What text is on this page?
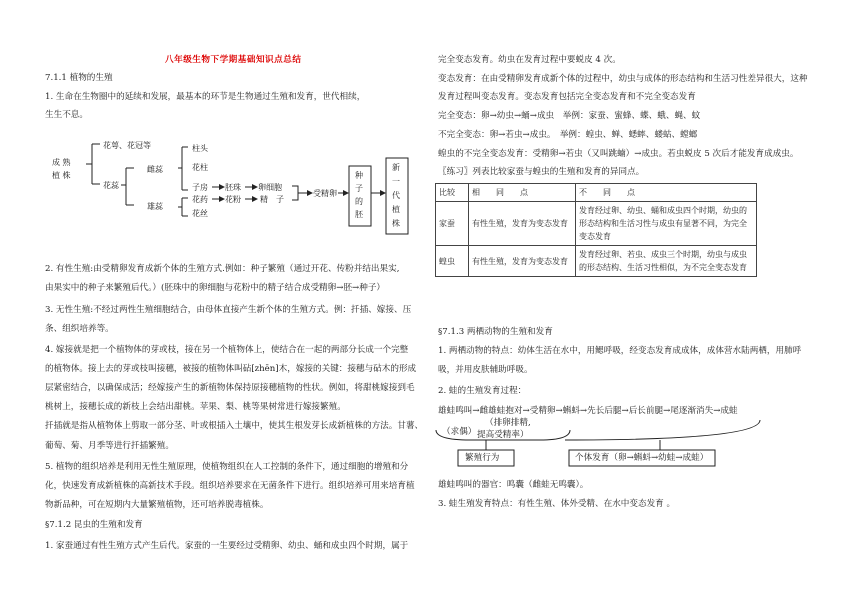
八年级生物下学期基础知识点总结
7.1.1 植物的生殖
1. 生命在生物圈中的延续和发展，最基本的环节是生物通过生殖和发育，世代相续，
生生不息。
成 熟
植 株
花萼、花冠等
花蕊
雌蕊
雄蕊
柱头
花柱
子房
花药
花丝
胚珠 卵细胞
花粉 精　子
受精卵
种
子
的
胚
新
一
代
植
株
2. 有性生殖:由受精卵发育成新个体的生殖方式.例如：种子繁殖（通过开花、传粉并结出果实,
由果实中的种子来繁殖后代。）(胚珠中的卵细胞与花粉中的精子结合成受精卵→胚→种子）
3. 无性生殖:不经过两性生殖细胞结合，由母体直接产生新个体的生殖方式。例：扦插、嫁接、压
条、组织培养等。
4. 嫁接就是把一个植物体的芽或枝，接在另一个植物体上，使结合在一起的两部分长成一个完整
的植物体。接上去的芽或枝叫接穗，被接的植物体叫砧[zhēn]木，嫁接的关键：接穗与砧木的形成
层紧密结合，以确保成活；经嫁接产生的新植物体保持原接穗植物的性状。例如，将甜桃嫁接到毛
桃树上，接穗长成的新枝上会结出甜桃。苹果、梨、桃等果树常进行嫁接繁殖。
扦插就是指从植物体上剪取一部分茎、叶或根插入土壤中，使其生根发芽长成新植株的方法。甘薯、
葡萄、菊、月季等进行扦插繁殖。
5. 植物的组织培养是利用无性生殖原理，使植物组织在人工控制的条件下，通过细胞的增殖和分
化，快速发育成新植株的高新技术手段。组织培养要求在无菌条件下进行。组织培养可用来培育植
物新品种，可在短期内大量繁殖植物，还可培养脱毒植株。
§7.1.2 昆虫的生殖和发育
1. 家蚕通过有性生殖方式产生后代。家蚕的一生要经过受精卵、幼虫、蛹和成虫四个时期，属于
完全变态发育。幼虫在发育过程中要蜕皮 4 次。
变态发育：在由受精卵发育成新个体的过程中，幼虫与成体的形态结构和生活习性差异很大，这种
发育过程叫变态发育。变态发育包括完全变态发育和不完全变态发育
完全变态：卵→幼虫→蛹→成虫　举例：家蚕、蜜蜂、蝶、蛾、蝇、蚊
不完全变态：卵→若虫→成虫。　举例：蝗虫、蝉、蟋蟀、蝼蛄、螳螂
蝗虫的不完全变态发育：受精卵→若虫（又叫跳蝻）→成虫。若虫蜕皮 5 次后才能发育成成虫。
〖练习〗列表比较家蚕与蝗虫的生殖和发育的异同点。
比较	相　　同　　点	不　　同　　点
家蚕	有性生殖，发育为变态发育	发育经过卵、幼虫、蛹和成虫四个时期，幼虫的形态结构和生活习性与成虫有显著不同，为完全变态发育
蝗虫	有性生殖，发育为变态发育	发育经过卵、若虫、成虫三个时期，幼虫与成虫的形态结构、生活习性相似，为不完全变态发育
§7.1.3 两栖动物的生殖和发育
1. 两栖动物的特点：幼体生活在水中，用鳃呼吸，经变态发育成成体，成体营水陆两栖，用肺呼
吸，并用皮肤辅助呼吸。
2. 蛙的生殖发育过程：
雄蛙鸣叫→雌雄蛙抱对→受精卵→蝌蚪→先长后腿→后长前腿→尾逐渐消失→成蛙
（排卵排精,
提高受精率）
（求偶）
繁殖行为	个体发育（卵→蝌蚪→幼蛙→成蛙）
雄蛙鸣叫的器官：鸣囊（雌蛙无鸣囊）。
3. 蛙生殖发育特点：有性生殖、体外受精、在水中变态发育 。
